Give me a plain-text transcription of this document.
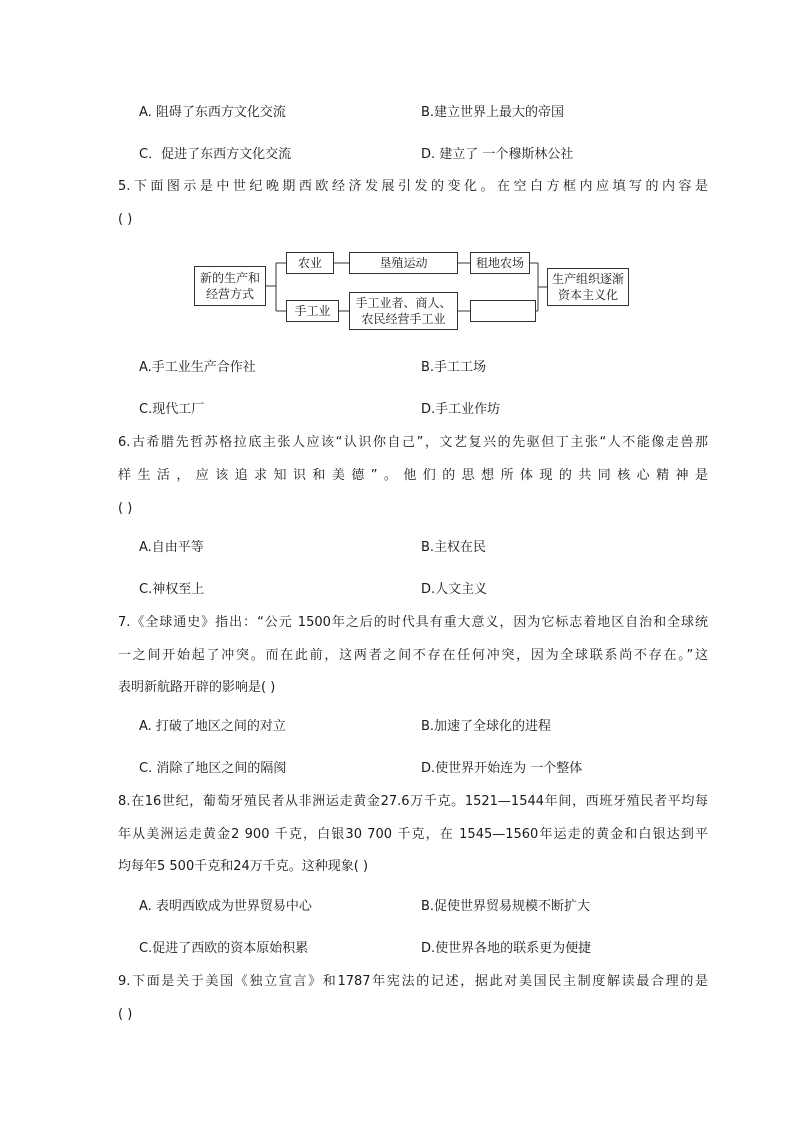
A. 阻碍了东西方文化交流	B.建立世界上最大的帝国
C．促进了东西方文化交流	D. 建立了 一个穆斯林公社
5.下面图示是中世纪晚期西欧经济发展引发的变化。在空白方框内应填写的内容是
( )
新的生产和
经营方式
农业
手工业
垦殖运动
手工业者、商人、
农民经营手工业
租地农场
生产组织逐渐
资本主义化
A.手工业生产合作社	B.手工工场
C.现代工厂	D.手工业作坊
6.古希腊先哲苏格拉底主张人应该“认识你自己”，文艺复兴的先驱但丁主张“人不能像走兽那
样生活，应该追求知识和美德”。他们的思想所体现的共同核心精神是
( )
A.自由平等	B.主权在民
C.神权至上	D.人文主义
7.《全球通史》指出：“公元 1500年之后的时代具有重大意义，因为它标志着地区自治和全球统
一之间开始起了冲突。而在此前，这两者之间不存在任何冲突，因为全球联系尚不存在。”这
表明新航路开辟的影响是( )
A. 打破了地区之间的对立	B.加速了全球化的进程
C. 消除了地区之间的隔阂	D.使世界开始连为 一个整体
8.在16世纪，葡萄牙殖民者从非洲运走黄金27.6万千克。1521—1544年间，西班牙殖民者平均每
年从美洲运走黄金2 900 千克，白银30 700 千克，在 1545—1560年运走的黄金和白银达到平
均每年5 500千克和24万千克。这种现象( )
A. 表明西欧成为世界贸易中心	B.促使世界贸易规模不断扩大
C.促进了西欧的资本原始积累	D.使世界各地的联系更为便捷
9.下面是关于美国《独立宣言》和1787年宪法的记述，据此对美国民主制度解读最合理的是
( )
